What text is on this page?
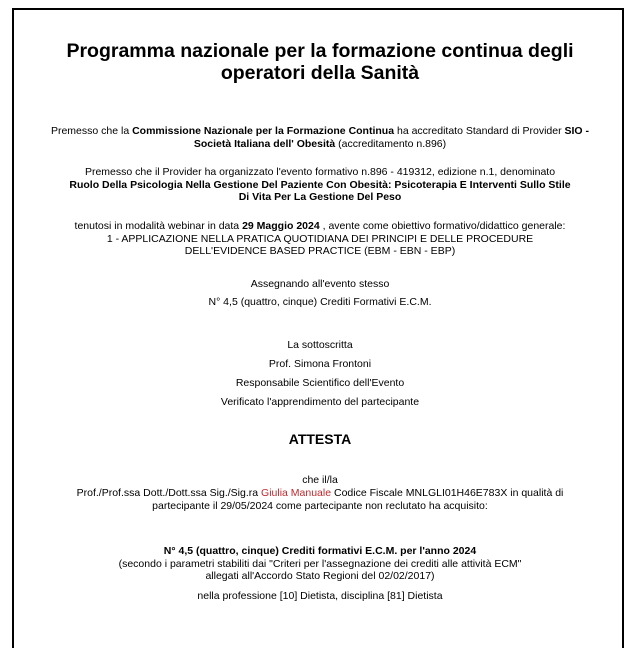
Programma nazionale per la formazione continua degli
operatori della Sanità
Premesso che la Commissione Nazionale per la Formazione Continua ha accreditato Standard di Provider SIO - Società Italiana dell' Obesità (accreditamento n.896)
Premesso che il Provider ha organizzato l'evento formativo n.896 - 419312, edizione n.1, denominato
Ruolo Della Psicologia Nella Gestione Del Paziente Con Obesità: Psicoterapia E Interventi Sullo Stile
Di Vita Per La Gestione Del Peso
tenutosi in modalità webinar in data 29 Maggio 2024 , avente come obiettivo formativo/didattico generale:
1 - APPLICAZIONE NELLA PRATICA QUOTIDIANA DEI PRINCIPI E DELLE PROCEDURE
DELL'EVIDENCE BASED PRACTICE (EBM - EBN - EBP)
Assegnando all'evento stesso
N° 4,5 (quattro, cinque) Crediti Formativi E.C.M.
La sottoscritta
Prof. Simona Frontoni
Responsabile Scientifico dell'Evento
Verificato l'apprendimento del partecipante
ATTESTA
che il/la
Prof./Prof.ssa Dott./Dott.ssa Sig./Sig.ra Giulia Manuale Codice Fiscale MNLGLI01H46E783X in qualità di
partecipante il 29/05/2024 come partecipante non reclutato ha acquisito:
N° 4,5 (quattro, cinque) Crediti formativi E.C.M. per l'anno 2024
(secondo i parametri stabiliti dai "Criteri per l'assegnazione dei crediti alle attività ECM"
allegati all'Accordo Stato Regioni del 02/02/2017)
nella professione [10] Dietista, disciplina [81] Dietista
